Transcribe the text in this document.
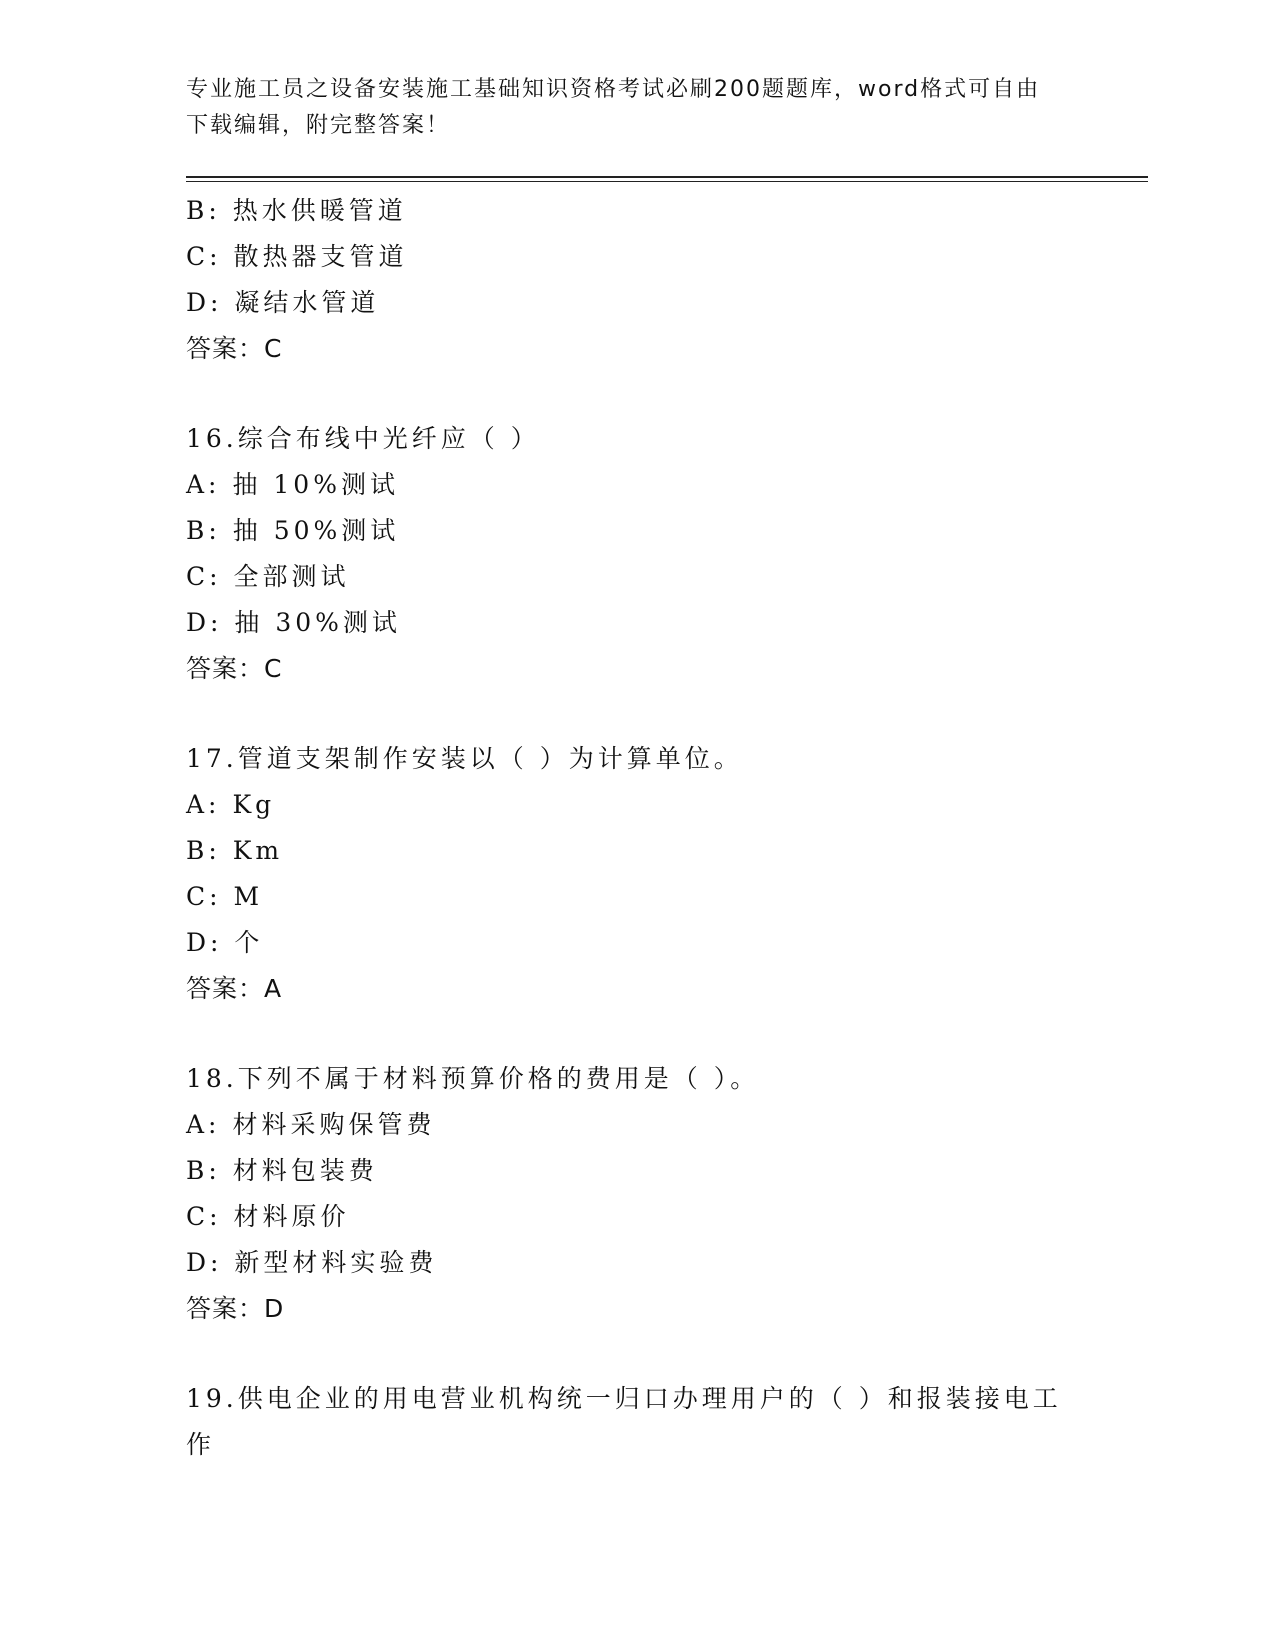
专业施工员之设备安装施工基础知识资格考试必刷200题题库，word格式可自由
下载编辑，附完整答案！
B: 热水供暖管道
C: 散热器支管道
D: 凝结水管道
答案：C
16.综合布线中光纤应（ ）
A: 抽 10%测试
B: 抽 50%测试
C: 全部测试
D: 抽 30%测试
答案：C
17.管道支架制作安装以（ ）为计算单位。
A: Kg
B: Km
C: M
D: 个
答案：A
18.下列不属于材料预算价格的费用是（ ）。
A: 材料采购保管费
B: 材料包装费
C: 材料原价
D: 新型材料实验费
答案：D
19.供电企业的用电营业机构统一归口办理用户的（ ）和报装接电工
作
